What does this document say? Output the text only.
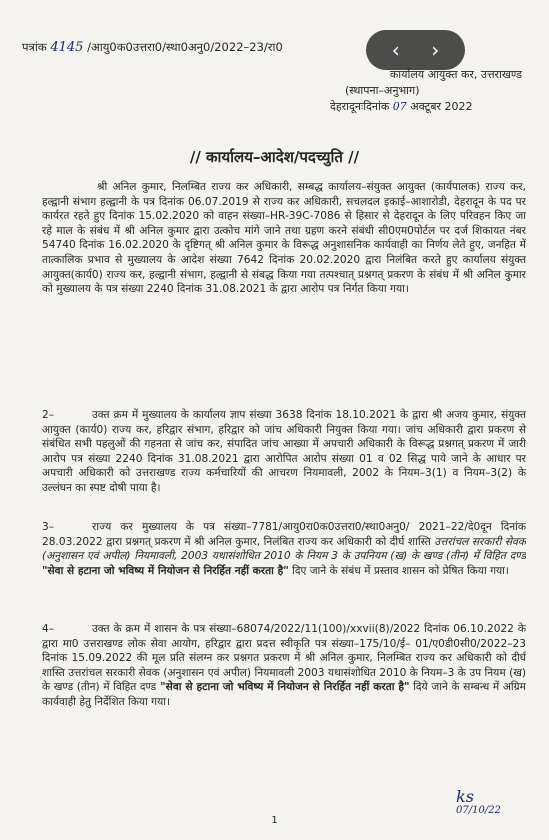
पत्रांक 4145 /आयु0क0उत्तरा0/स्था0अनु0/2022–23/रा0	‹ ›
कार्यालय आयुक्त कर, उत्तराखण्ड
(स्थापना–अनुभाग)
देहरादूनःदिनांक 07 अक्टूबर 2022
// कार्यालय–आदेश/पदच्युति //

श्री अनिल कुमार, निलम्बित राज्य कर अधिकारी, सम्बद्ध कार्यालय–संयुक्त आयुक्त (कार्यपालक) राज्य कर, हल्द्वानी संभाग हल्द्वानी के पत्र दिनांक 06.07.2019 से राज्य कर अधिकारी, सचलदल इकाई–आशारोडी, देहरादून के पद पर कार्यरत रहते हुए दिनांक 15.02.2020 को वाहन संख्या–HR-39C-7086 से हिसार से देहरादून के लिए परिवहन किए जा रहे माल के संबंध में श्री अनिल कुमार द्वारा उत्कोच मांगे जाने तथा ग्रहण करने संबंधी सी0एम0पोर्टल पर दर्ज शिकायत नंबर 54740 दिनांक 16.02.2020 के दृष्टिगत् श्री अनिल कुमार के विरूद्ध अनुशासनिक कार्यवाही का निर्णय लेते हुए, जनहित में तात्कालिक प्रभाव से मुख्यालय के आदेश संख्या 7642 दिनांक 20.02.2020 द्वारा निलंबित करते हुए कार्यालय संयुक्त आयुक्त(कार्य0) राज्य कर, हल्द्वानी संभाग, हल्द्वानी से संबद्ध किया गया तत्पश्चात् प्रश्नगत् प्रकरण के संबंध में श्री अनिल कुमार को मुख्यालय के पत्र संख्या 2240 दिनांक 31.08.2021 के द्वारा आरोप पत्र निर्गत किया गया।

2–	उक्त क्रम में मुख्यालय के कार्यालय ज्ञाप संख्या 3638 दिनांक 18.10.2021 के द्वारा श्री अजय कुमार, संयुक्त आयुक्त (कार्य0) राज्य कर, हरिद्वार संभाग, हरिद्वार को जांच अधिकारी नियुक्त किया गया। जांच अधिकारी द्वारा प्रकरण से संबंधित सभी पहलुओं की गहनता से जांच कर, संपादित जांच आख्या में अपचारी अधिकारी के विरूद्ध प्रश्नगत् प्रकरण में जारी आरोप पत्र संख्या 2240 दिनांक 31.08.2021 द्वारा आरोपित आरोप संख्या 01 व 02 सिद्ध पाये जाने के आधार पर अपचारी अधिकारी को उत्तराखण्ड राज्य कर्मचारियों की आचरण नियमावली, 2002 के नियम–3(1) व नियम–3(2) के उल्लंघन का स्पष्ट दोषी पाया है।

3–	राज्य कर मुख्यालय के पत्र संख्या–7781/आयु0रा0क0उत्तरा0/स्था0अनु0/ 2021–22/दे0दून दिनांक 28.03.2022 द्वारा प्रश्नगत् प्रकरण में श्री अनिल कुमार, निलंबित राज्य कर अधिकारी को दीर्घ शास्ति उत्तरांचल सरकारी सेवक (अनुशासन एवं अपील) नियमावली, 2003 यथासंशोधित 2010 के नियम 3 के उपनियम (ख) के खण्ड (तीन) में विहित दण्ड "सेवा से हटाना जो भविष्य में नियोजन से निरर्हित नहीं करता है" दिए जाने के संबंध में प्रस्ताव शासन को प्रेषित किया गया।

4–	उक्त के क्रम में शासन के पत्र संख्या–68074/2022/11(100)/xxvii(8)/2022 दिनांक 06.10.2022 के द्वारा मा0 उत्तराखण्ड लोक सेवा आयोग, हरिद्वार द्वारा प्रदत्त स्वीकृति पत्र संख्या–175/10/ई– 01/ए0डी0सी0/2022–23 दिनांक 15.09.2022 की मूल प्रति संलग्न कर प्रश्नगत प्रकरण में श्री अनिल कुमार, निलम्बित राज्य कर अधिकारी को दीर्घ शास्ति उत्तरांचल सरकारी सेवक (अनुशासन एवं अपील) नियमावली 2003 यथासंशोधित 2010 के नियम–3 के उप नियम (ख) के खण्ड (तीन) में विहित दण्ड "सेवा से हटाना जो भविष्य में नियोजन से निरर्हित नहीं करता है" दिये जाने के सम्बन्ध में अग्रिम कार्यवाही हेतु निर्देशित किया गया।

ks
07/10/22
1
